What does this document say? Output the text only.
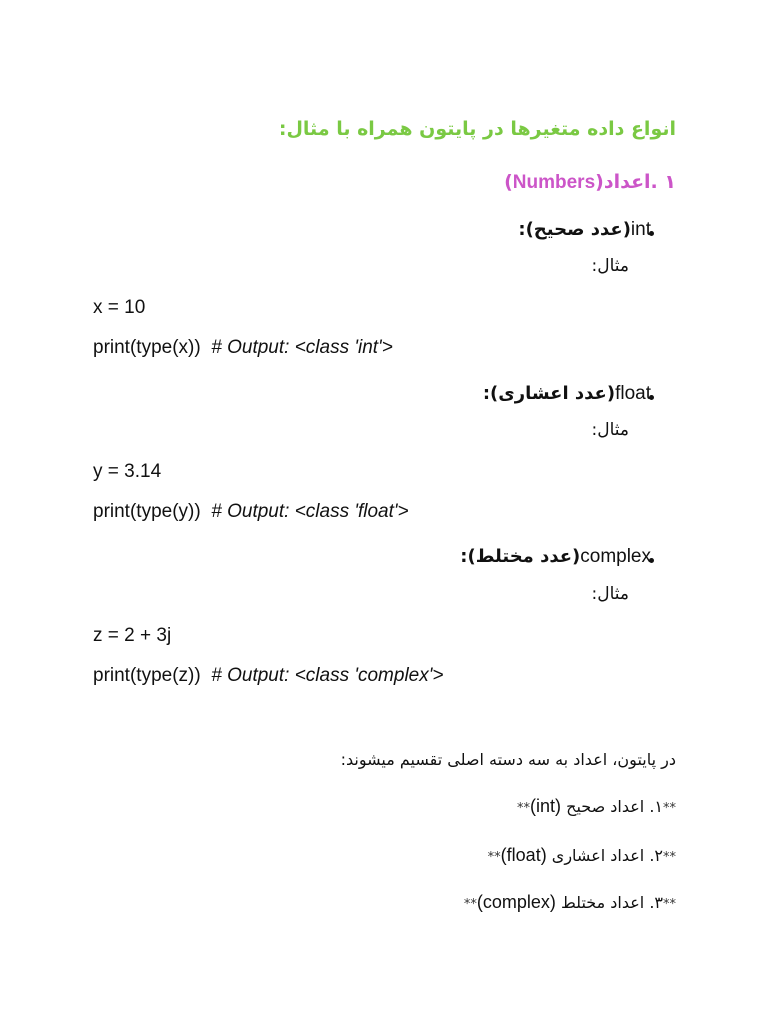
انواع داده متغیرها در پایتون همراه با مثال:
۱ .اعداد(Numbers)
int(عدد صحیح):
مثال:
x = 10
print(type(x)) # Output: <class 'int'>
float(عدد اعشاری):
مثال:
y = 3.14
print(type(y)) # Output: <class 'float'>
complex(عدد مختلط):
مثال:
z = 2 + 3j
print(type(z)) # Output: <class 'complex'>
در پایتون، اعداد به سه دسته اصلی تقسیم میشوند:
**۱. اعداد صحیح (int)**
**۲. اعداد اعشاری (float)**
**۳. اعداد مختلط (complex)**
